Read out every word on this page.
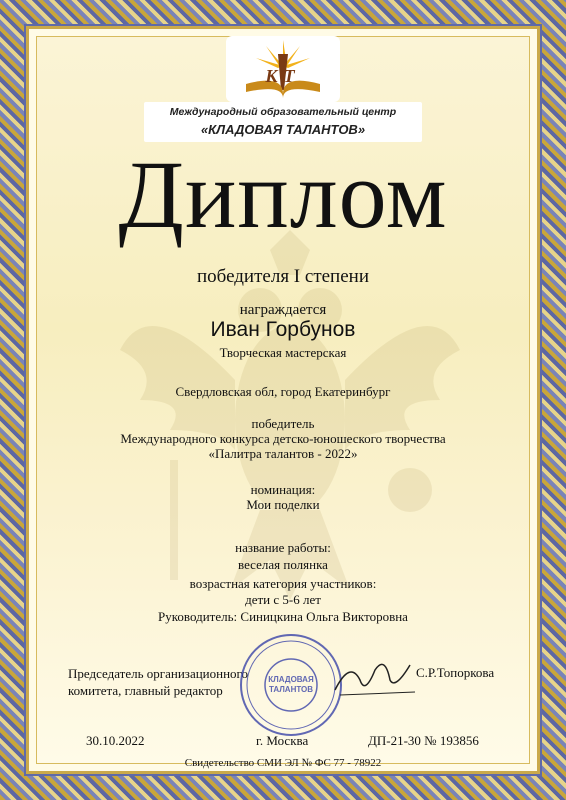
КТ
Международный образовательный центр
«КЛАДОВАЯ ТАЛАНТОВ»
Диплом
победителя I степени
награждается
Иван Горбунов
Творческая мастерская
Свердловская обл, город Екатеринбург
победитель
Международного конкурса детско-юношеского творчества
«Палитра талантов - 2022»
номинация:
Мои поделки
название работы:
веселая полянка
возрастная категория участников:
дети с 5-6 лет
Руководитель: Синицкина Ольга Викторовна
Председатель организационного
комитета, главный редактор
КЛАДОВАЯ
ТАЛАНТОВ
С.Р.Топоркова
30.10.2022	г. Москва	ДП-21-30 № 193856
Свидетельство СМИ ЭЛ № ФС 77 - 78922
